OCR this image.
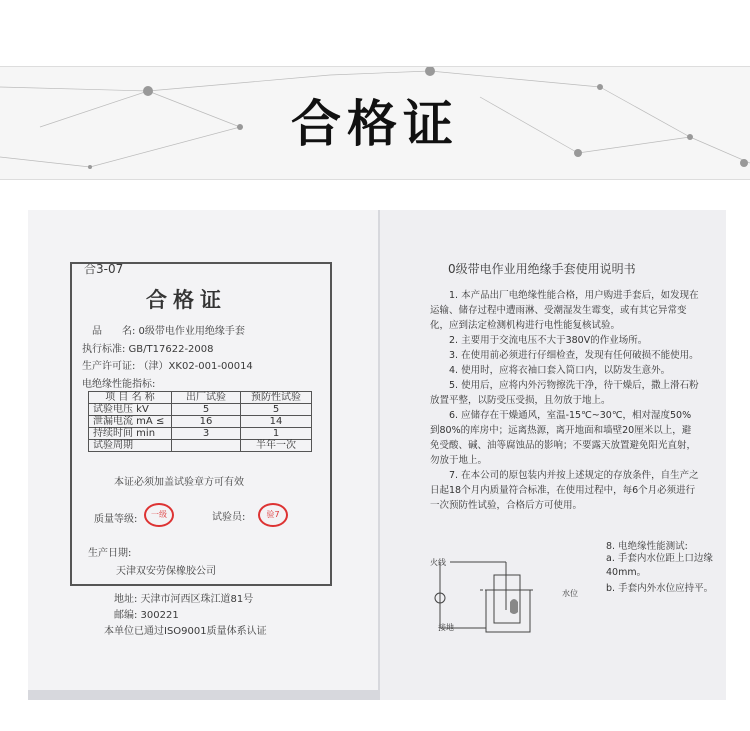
合格证
合3-07
合格证
品　　名: 0级带电作业用绝缘手套
执行标准: GB/T17622-2008
生产许可证: （津）XK02-001-00014
电绝缘性能指标:
项 目 名 称	出厂试验	预防性试验
试验电压 kV	5	5
泄漏电流 mA ≤	16	14
持续时间 min	3	1
试验周期		半年一次
本证必须加盖试验章方可有效
质量等级:	一级	试验员:	验7
生产日期:
天津双安劳保橡胶公司
地址: 天津市河西区珠江道81号
邮编: 300221
本单位已通过ISO9001质量体系认证
0级带电作业用绝缘手套使用说明书

1. 本产品出厂电绝缘性能合格，用户购进手套后，如发现在运输、储存过程中遭雨淋、受潮湿发生霉变，或有其它异常变化，应到法定检测机构进行电性能复核试验。

2. 主要用于交流电压不大于380V的作业场所。

3. 在使用前必须进行仔细检查，发现有任何破损不能使用。

4. 使用时，应将衣袖口套入筒口内，以防发生意外。

5. 使用后，应将内外污物擦洗干净，待干燥后，撒上滑石粉放置平整，以防受压受损，且勿放于地上。

6. 应储存在干燥通风，室温-15℃~30℃，相对湿度50%到80%的库房中；远离热源，离开地面和墙壁20厘米以上，避免受酸、碱、油等腐蚀品的影响；不要露天放置避免阳光直射，勿放于地上。

7. 在本公司的原包装内并按上述规定的存放条件，自生产之日起18个月内质量符合标准，在使用过程中，每6个月必须进行一次预防性试验，合格后方可使用。

火线
水位
接地
8. 电绝缘性能测试:
a. 手套内水位距上口边缘40mm。
b. 手套内外水位应持平。
